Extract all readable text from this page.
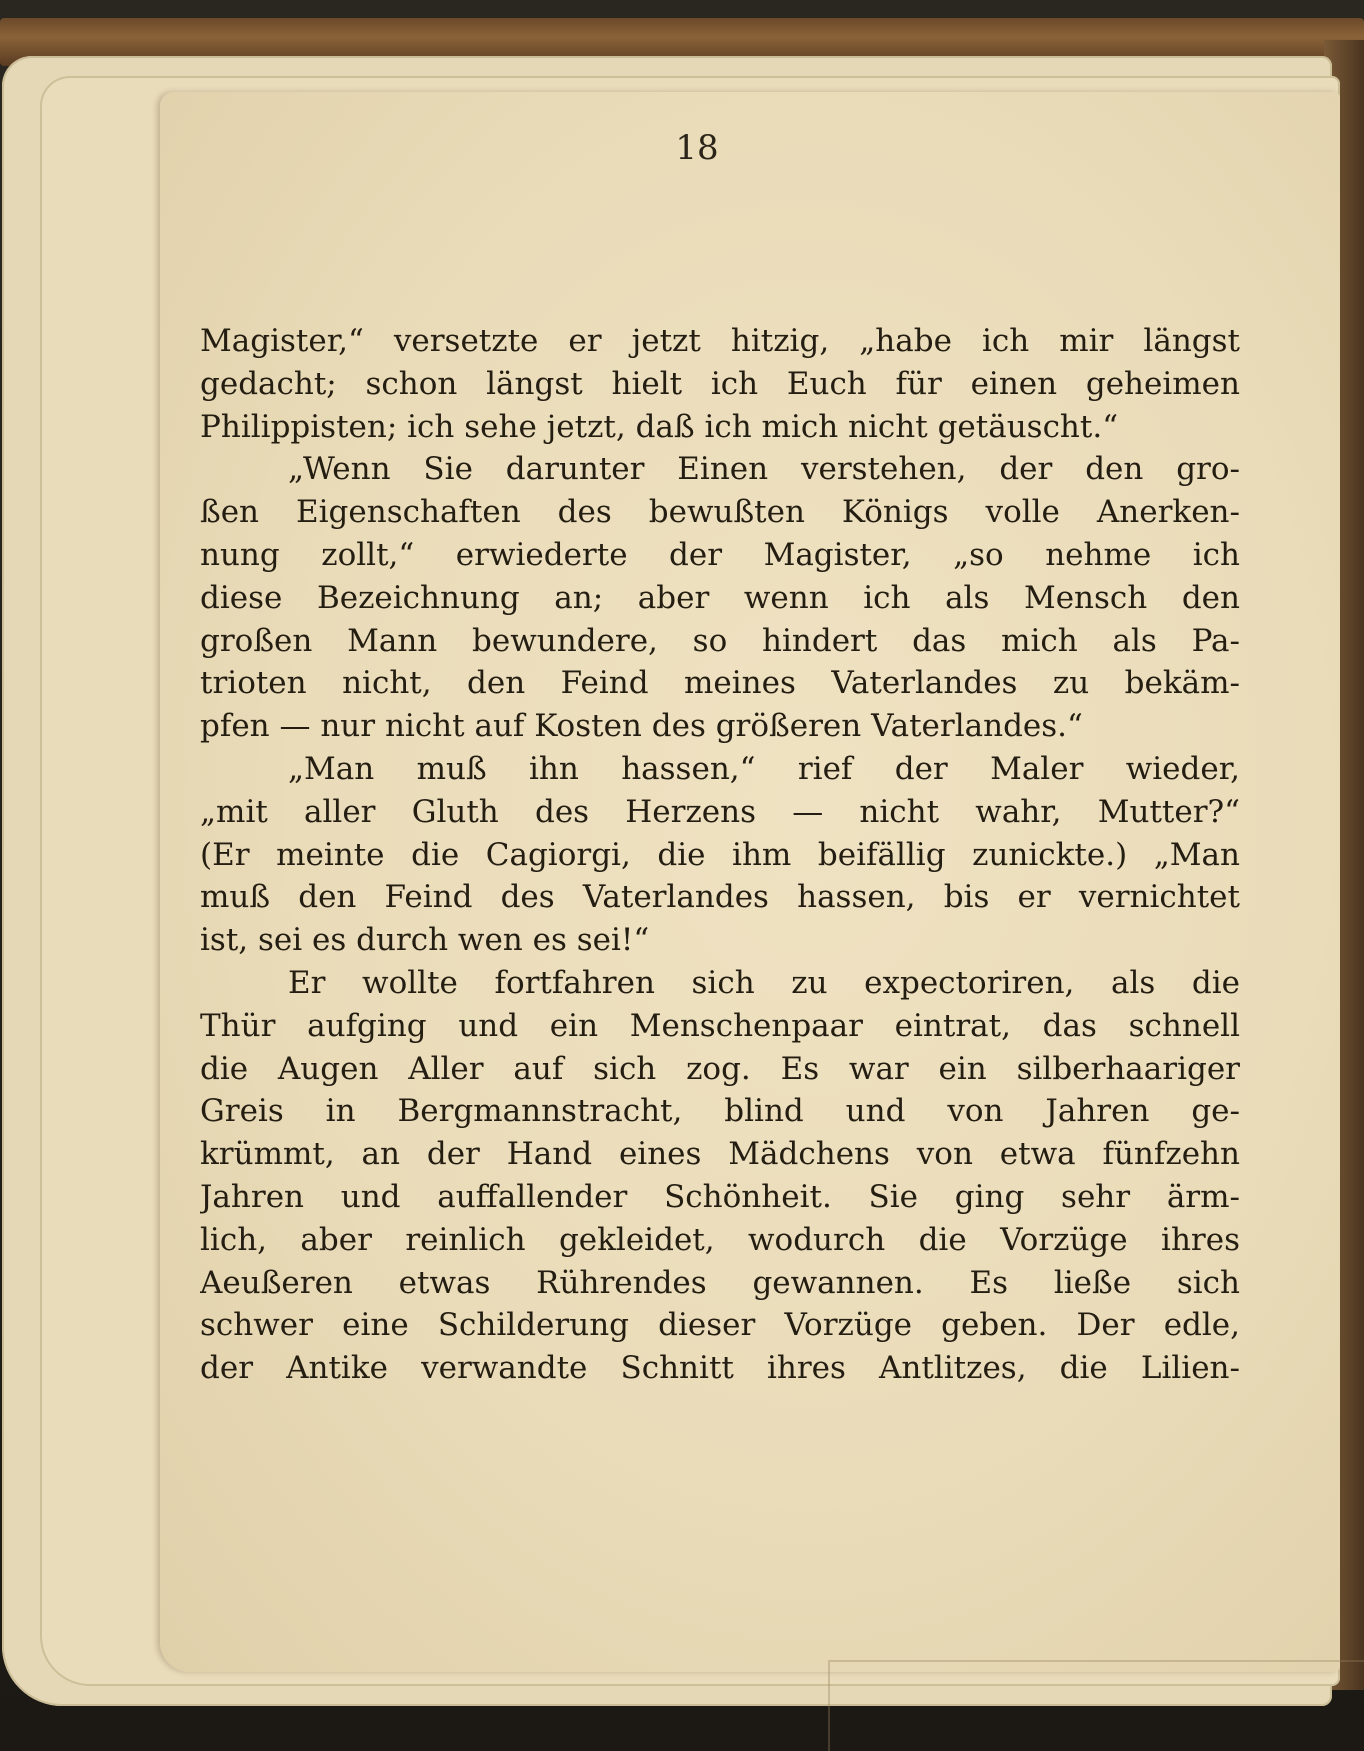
18
Magister,“ versetzte er jetzt hitzig, „habe ich mir längst
gedacht; schon längst hielt ich Euch für einen geheimen
Philippisten; ich sehe jetzt, daß ich mich nicht getäuscht.“
„Wenn Sie darunter Einen verstehen, der den gro-
ßen Eigenschaften des bewußten Königs volle Anerken-
nung zollt,“ erwiederte der Magister, „so nehme ich
diese Bezeichnung an; aber wenn ich als Mensch den
großen Mann bewundere, so hindert das mich als Pa-
trioten nicht, den Feind meines Vaterlandes zu bekäm-
pfen — nur nicht auf Kosten des größeren Vaterlandes.“
„Man muß ihn hassen,“ rief der Maler wieder,
„mit aller Gluth des Herzens — nicht wahr, Mutter?“
(Er meinte die Cagiorgi, die ihm beifällig zunickte.) „Man
muß den Feind des Vaterlandes hassen, bis er vernichtet
ist, sei es durch wen es sei!“
Er wollte fortfahren sich zu expectoriren, als die
Thür aufging und ein Menschenpaar eintrat, das schnell
die Augen Aller auf sich zog. Es war ein silberhaariger
Greis in Bergmannstracht, blind und von Jahren ge-
krümmt, an der Hand eines Mädchens von etwa fünfzehn
Jahren und auffallender Schönheit. Sie ging sehr ärm-
lich, aber reinlich gekleidet, wodurch die Vorzüge ihres
Aeußeren etwas Rührendes gewannen. Es ließe sich
schwer eine Schilderung dieser Vorzüge geben. Der edle,
der Antike verwandte Schnitt ihres Antlitzes, die Lilien-
